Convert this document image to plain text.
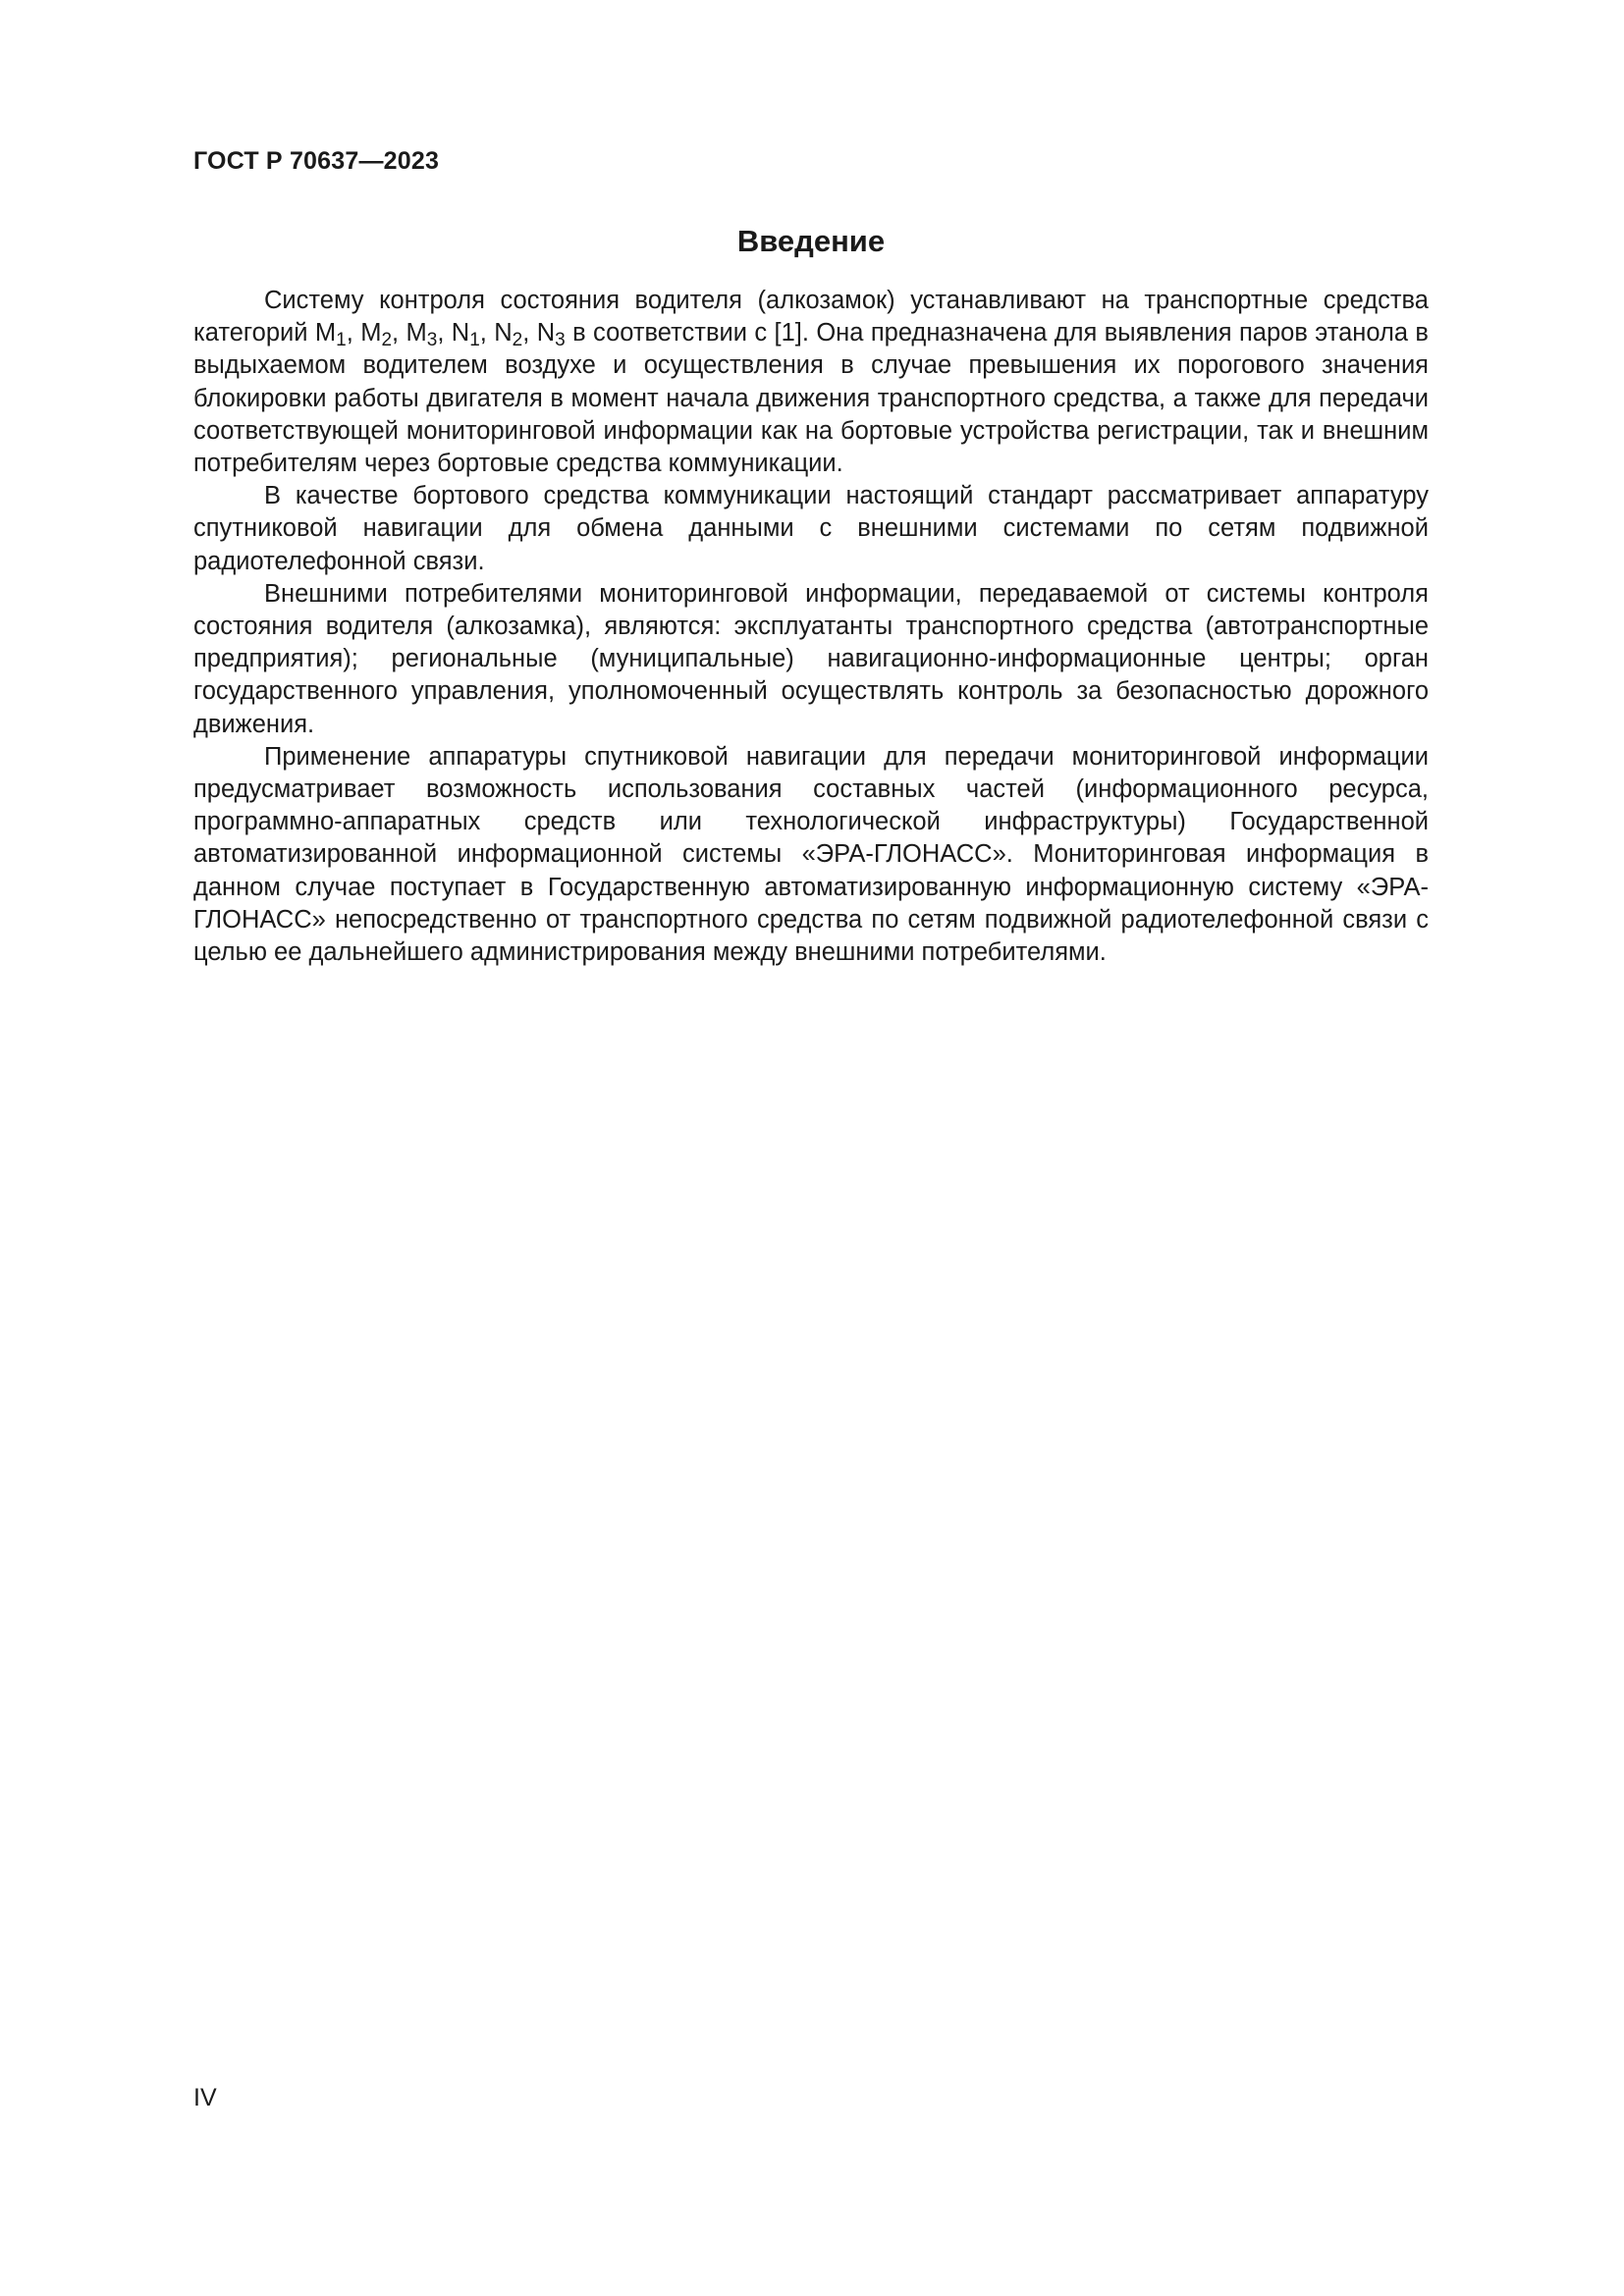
ГОСТ Р 70637—2023
Введение

Систему контроля состояния водителя (алкозамок) устанавливают на транспортные средства категорий $M_1$, $M_2$, $M_3$, $N_1$, $N_2$, $N_3$ в соответствии с [1]. Она предназначена для выявления паров этанола в выдыхаемом водителем воздухе и осуществления в случае превышения их порогового значения блокировки работы двигателя в момент начала движения транспортного средства, а также для передачи соответствующей мониторинговой информации как на бортовые устройства регистрации, так и внешним потребителям через бортовые средства коммуникации.

В качестве бортового средства коммуникации настоящий стандарт рассматривает аппаратуру спутниковой навигации для обмена данными с внешними системами по сетям подвижной радиотелефонной связи.

Внешними потребителями мониторинговой информации, передаваемой от системы контроля состояния водителя (алкозамка), являются: эксплуатанты транспортного средства (автотранспортные предприятия); региональные (муниципальные) навигационно-информационные центры; орган государственного управления, уполномоченный осуществлять контроль за безопасностью дорожного движения.

Применение аппаратуры спутниковой навигации для передачи мониторинговой информации предусматривает возможность использования составных частей (информационного ресурса, программно-аппаратных средств или технологической инфраструктуры) Государственной автоматизированной информационной системы «ЭРА-ГЛОНАСС». Мониторинговая информация в данном случае поступает в Государственную автоматизированную информационную систему «ЭРА-ГЛОНАСС» непосредственно от транспортного средства по сетям подвижной радиотелефонной связи с целью ее дальнейшего администрирования между внешними потребителями.

IV
